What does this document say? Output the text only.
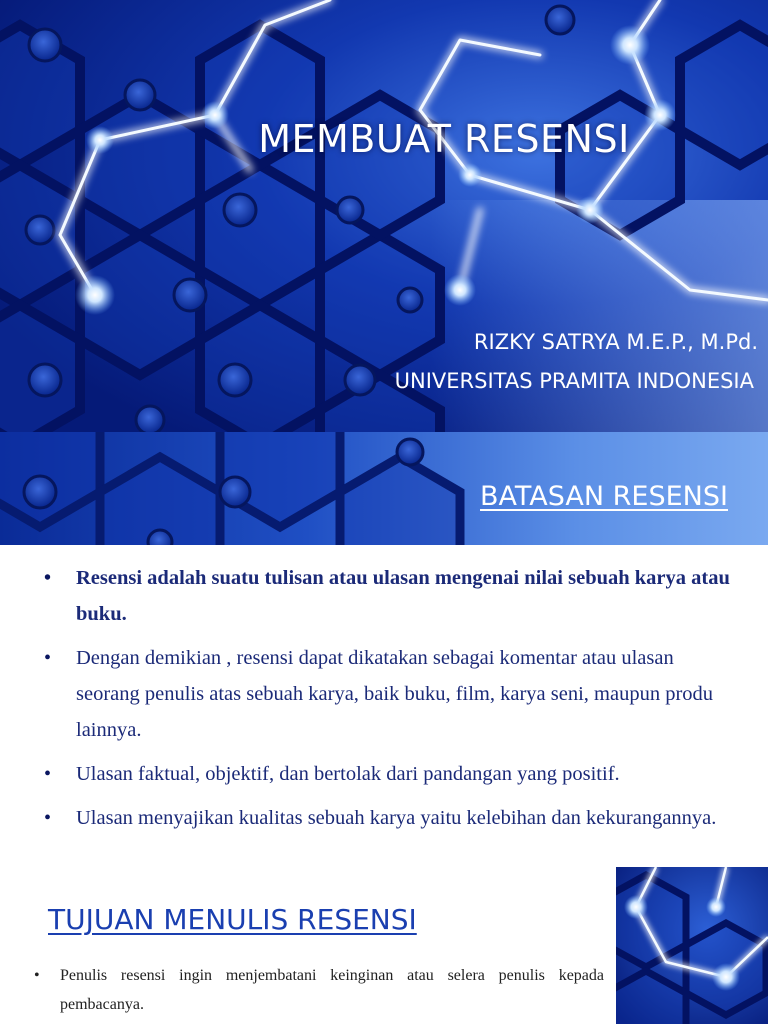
MEMBUAT RESENSI
RIZKY SATRYA M.E.P., M.Pd.
UNIVERSITAS PRAMITA INDONESIA
BATASAN RESENSI
• Resensi adalah suatu tulisan atau ulasan mengenai nilai sebuah karya atau buku.
• Dengan demikian , resensi dapat dikatakan sebagai komentar atau ulasan seorang penulis atas sebuah karya, baik buku, film, karya seni, maupun produ lainnya.
• Ulasan faktual, objektif, dan bertolak dari pandangan yang positif.
• Ulasan menyajikan kualitas sebuah karya yaitu kelebihan dan kekurangannya.
TUJUAN MENULIS RESENSI
•	Penulis resensi ingin menjembatani keinginan atau selera penulis kepada pembacanya.
